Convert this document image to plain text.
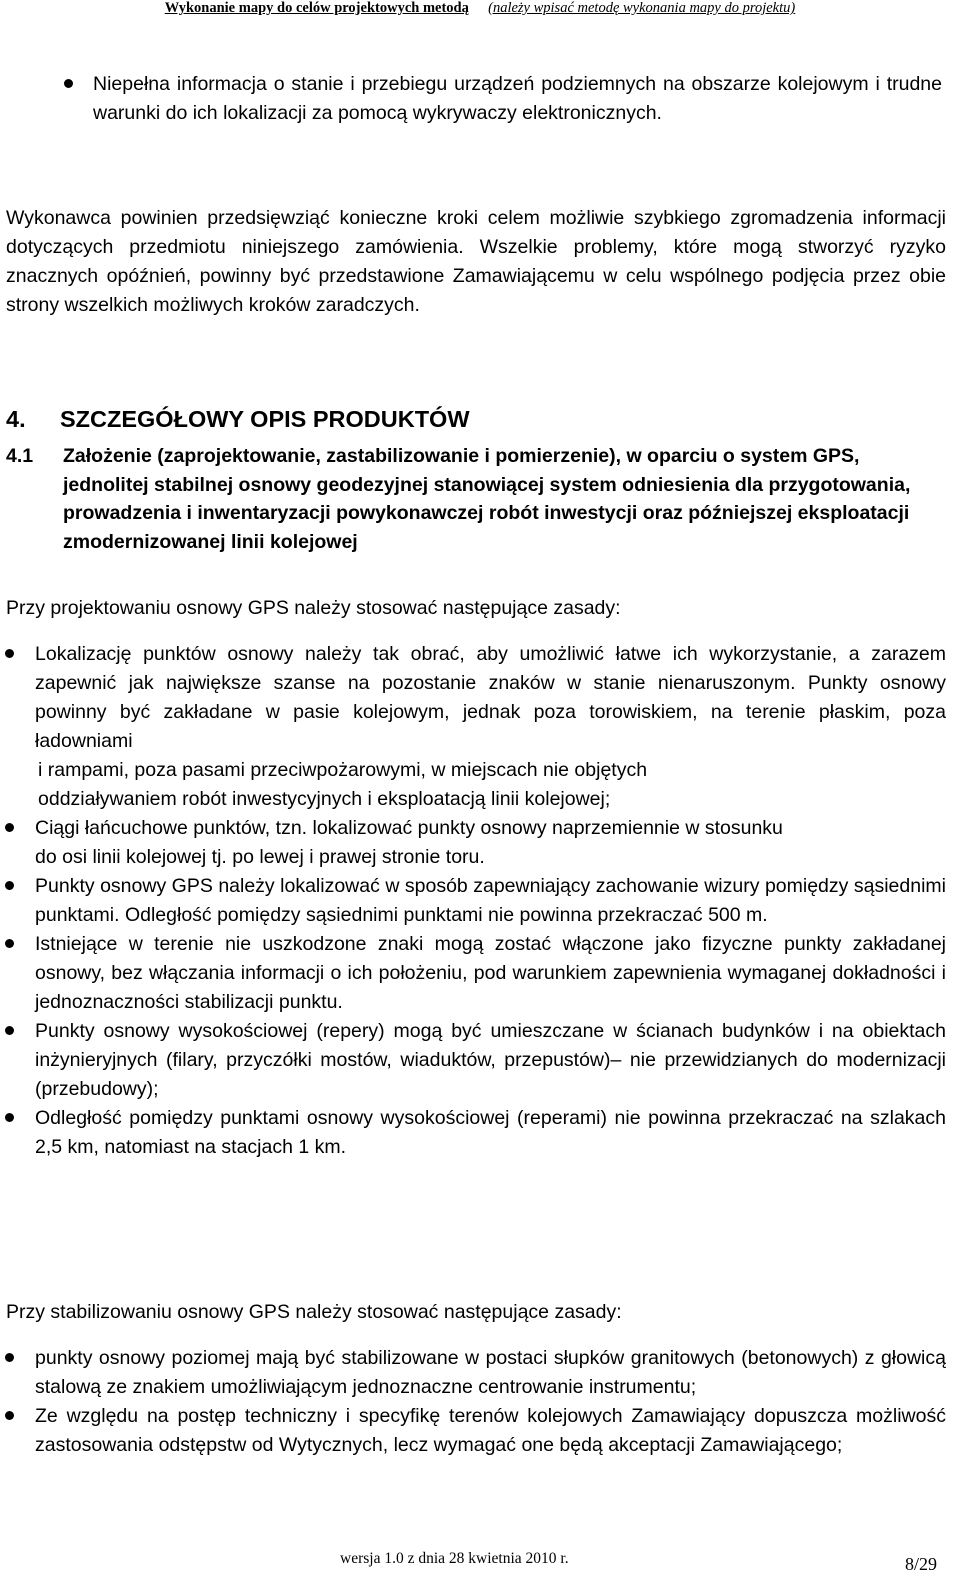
Wykonanie mapy do celów projektowych metodą (należy wpisać metodę wykonania mapy do projektu)
Niepełna informacja o stanie i przebiegu urządzeń podziemnych na obszarze kolejowym i trudne warunki do ich lokalizacji za pomocą wykrywaczy elektronicznych.
Wykonawca powinien przedsięwziąć konieczne kroki celem możliwie szybkiego zgromadzenia informacji dotyczących przedmiotu niniejszego zamówienia. Wszelkie problemy, które mogą stworzyć ryzyko znacznych opóźnień, powinny być przedstawione Zamawiającemu w celu wspólnego podjęcia przez obie strony wszelkich możliwych kroków zaradczych.
4. SZCZEGÓŁOWY OPIS PRODUKTÓW
4.1 Założenie (zaprojektowanie, zastabilizowanie i pomierzenie), w oparciu o system GPS, jednolitej stabilnej osnowy geodezyjnej stanowiącej system odniesienia dla przygotowania, prowadzenia i inwentaryzacji powykonawczej robót inwestycji oraz późniejszej eksploatacji zmodernizowanej linii kolejowej
Przy projektowaniu osnowy GPS należy stosować następujące zasady:
Lokalizację punktów osnowy należy tak obrać, aby umożliwić łatwe ich wykorzystanie, a zarazem zapewnić jak największe szanse na pozostanie znaków w stanie nienaruszonym. Punkty osnowy powinny być zakładane w pasie kolejowym, jednak poza torowiskiem, na terenie płaskim, poza ładowniami
i rampami, poza pasami przeciwpożarowymi, w miejscach nie objętych
oddziaływaniem robót inwestycyjnych i eksploatacją linii kolejowej;
Ciągi łańcuchowe punktów, tzn. lokalizować punkty osnowy naprzemiennie w stosunku
do osi linii kolejowej tj. po lewej i prawej stronie toru.
Punkty osnowy GPS należy lokalizować w sposób zapewniający zachowanie wizury pomiędzy sąsiednimi punktami. Odległość pomiędzy sąsiednimi punktami nie powinna przekraczać 500 m.
Istniejące w terenie nie uszkodzone znaki mogą zostać włączone jako fizyczne punkty zakładanej osnowy, bez włączania informacji o ich położeniu, pod warunkiem zapewnienia wymaganej dokładności i jednoznaczności stabilizacji punktu.
Punkty osnowy wysokościowej (repery) mogą być umieszczane w ścianach budynków i na obiektach inżynieryjnych (filary, przyczółki mostów, wiaduktów, przepustów)– nie przewidzianych do modernizacji (przebudowy);
Odległość pomiędzy punktami osnowy wysokościowej (reperami) nie powinna przekraczać na szlakach 2,5 km, natomiast na stacjach 1 km.
Przy stabilizowaniu osnowy GPS należy stosować następujące zasady:
punkty osnowy poziomej mają być stabilizowane w postaci słupków granitowych (betonowych) z głowicą stalową ze znakiem umożliwiającym jednoznaczne centrowanie instrumentu;
Ze względu na postęp techniczny i specyfikę terenów kolejowych Zamawiający dopuszcza możliwość zastosowania odstępstw od Wytycznych, lecz wymagać one będą akceptacji Zamawiającego;
wersja 1.0 z dnia 28 kwietnia 2010 r.	8/29
